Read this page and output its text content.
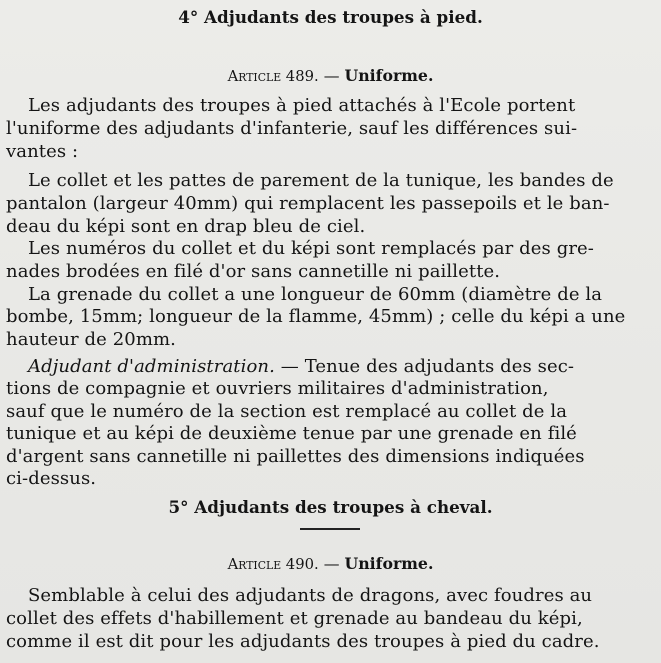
4° Adjudants des troupes à pied.
Article 489. — Uniforme.
Les adjudants des troupes à pied attachés à l'Ecole portent
l'uniforme des adjudants d'infanterie, sauf les différences sui-
vantes :
Le collet et les pattes de parement de la tunique, les bandes de
pantalon (largeur 40mm) qui remplacent les passepoils et le ban-
deau du képi sont en drap bleu de ciel.
Les numéros du collet et du képi sont remplacés par des gre-
nades brodées en filé d'or sans cannetille ni paillette.
La grenade du collet a une longueur de 60mm (diamètre de la
bombe, 15mm; longueur de la flamme, 45mm) ; celle du képi a une
hauteur de 20mm.
Adjudant d'administration. — Tenue des adjudants des sec-
tions de compagnie et ouvriers militaires d'administration,
sauf que le numéro de la section est remplacé au collet de la
tunique et au képi de deuxième tenue par une grenade en filé
d'argent sans cannetille ni paillettes des dimensions indiquées
ci-dessus.
5° Adjudants des troupes à cheval.
Article 490. — Uniforme.
Semblable à celui des adjudants de dragons, avec foudres au
collet des effets d'habillement et grenade au bandeau du képi,
comme il est dit pour les adjudants des troupes à pied du cadre.
